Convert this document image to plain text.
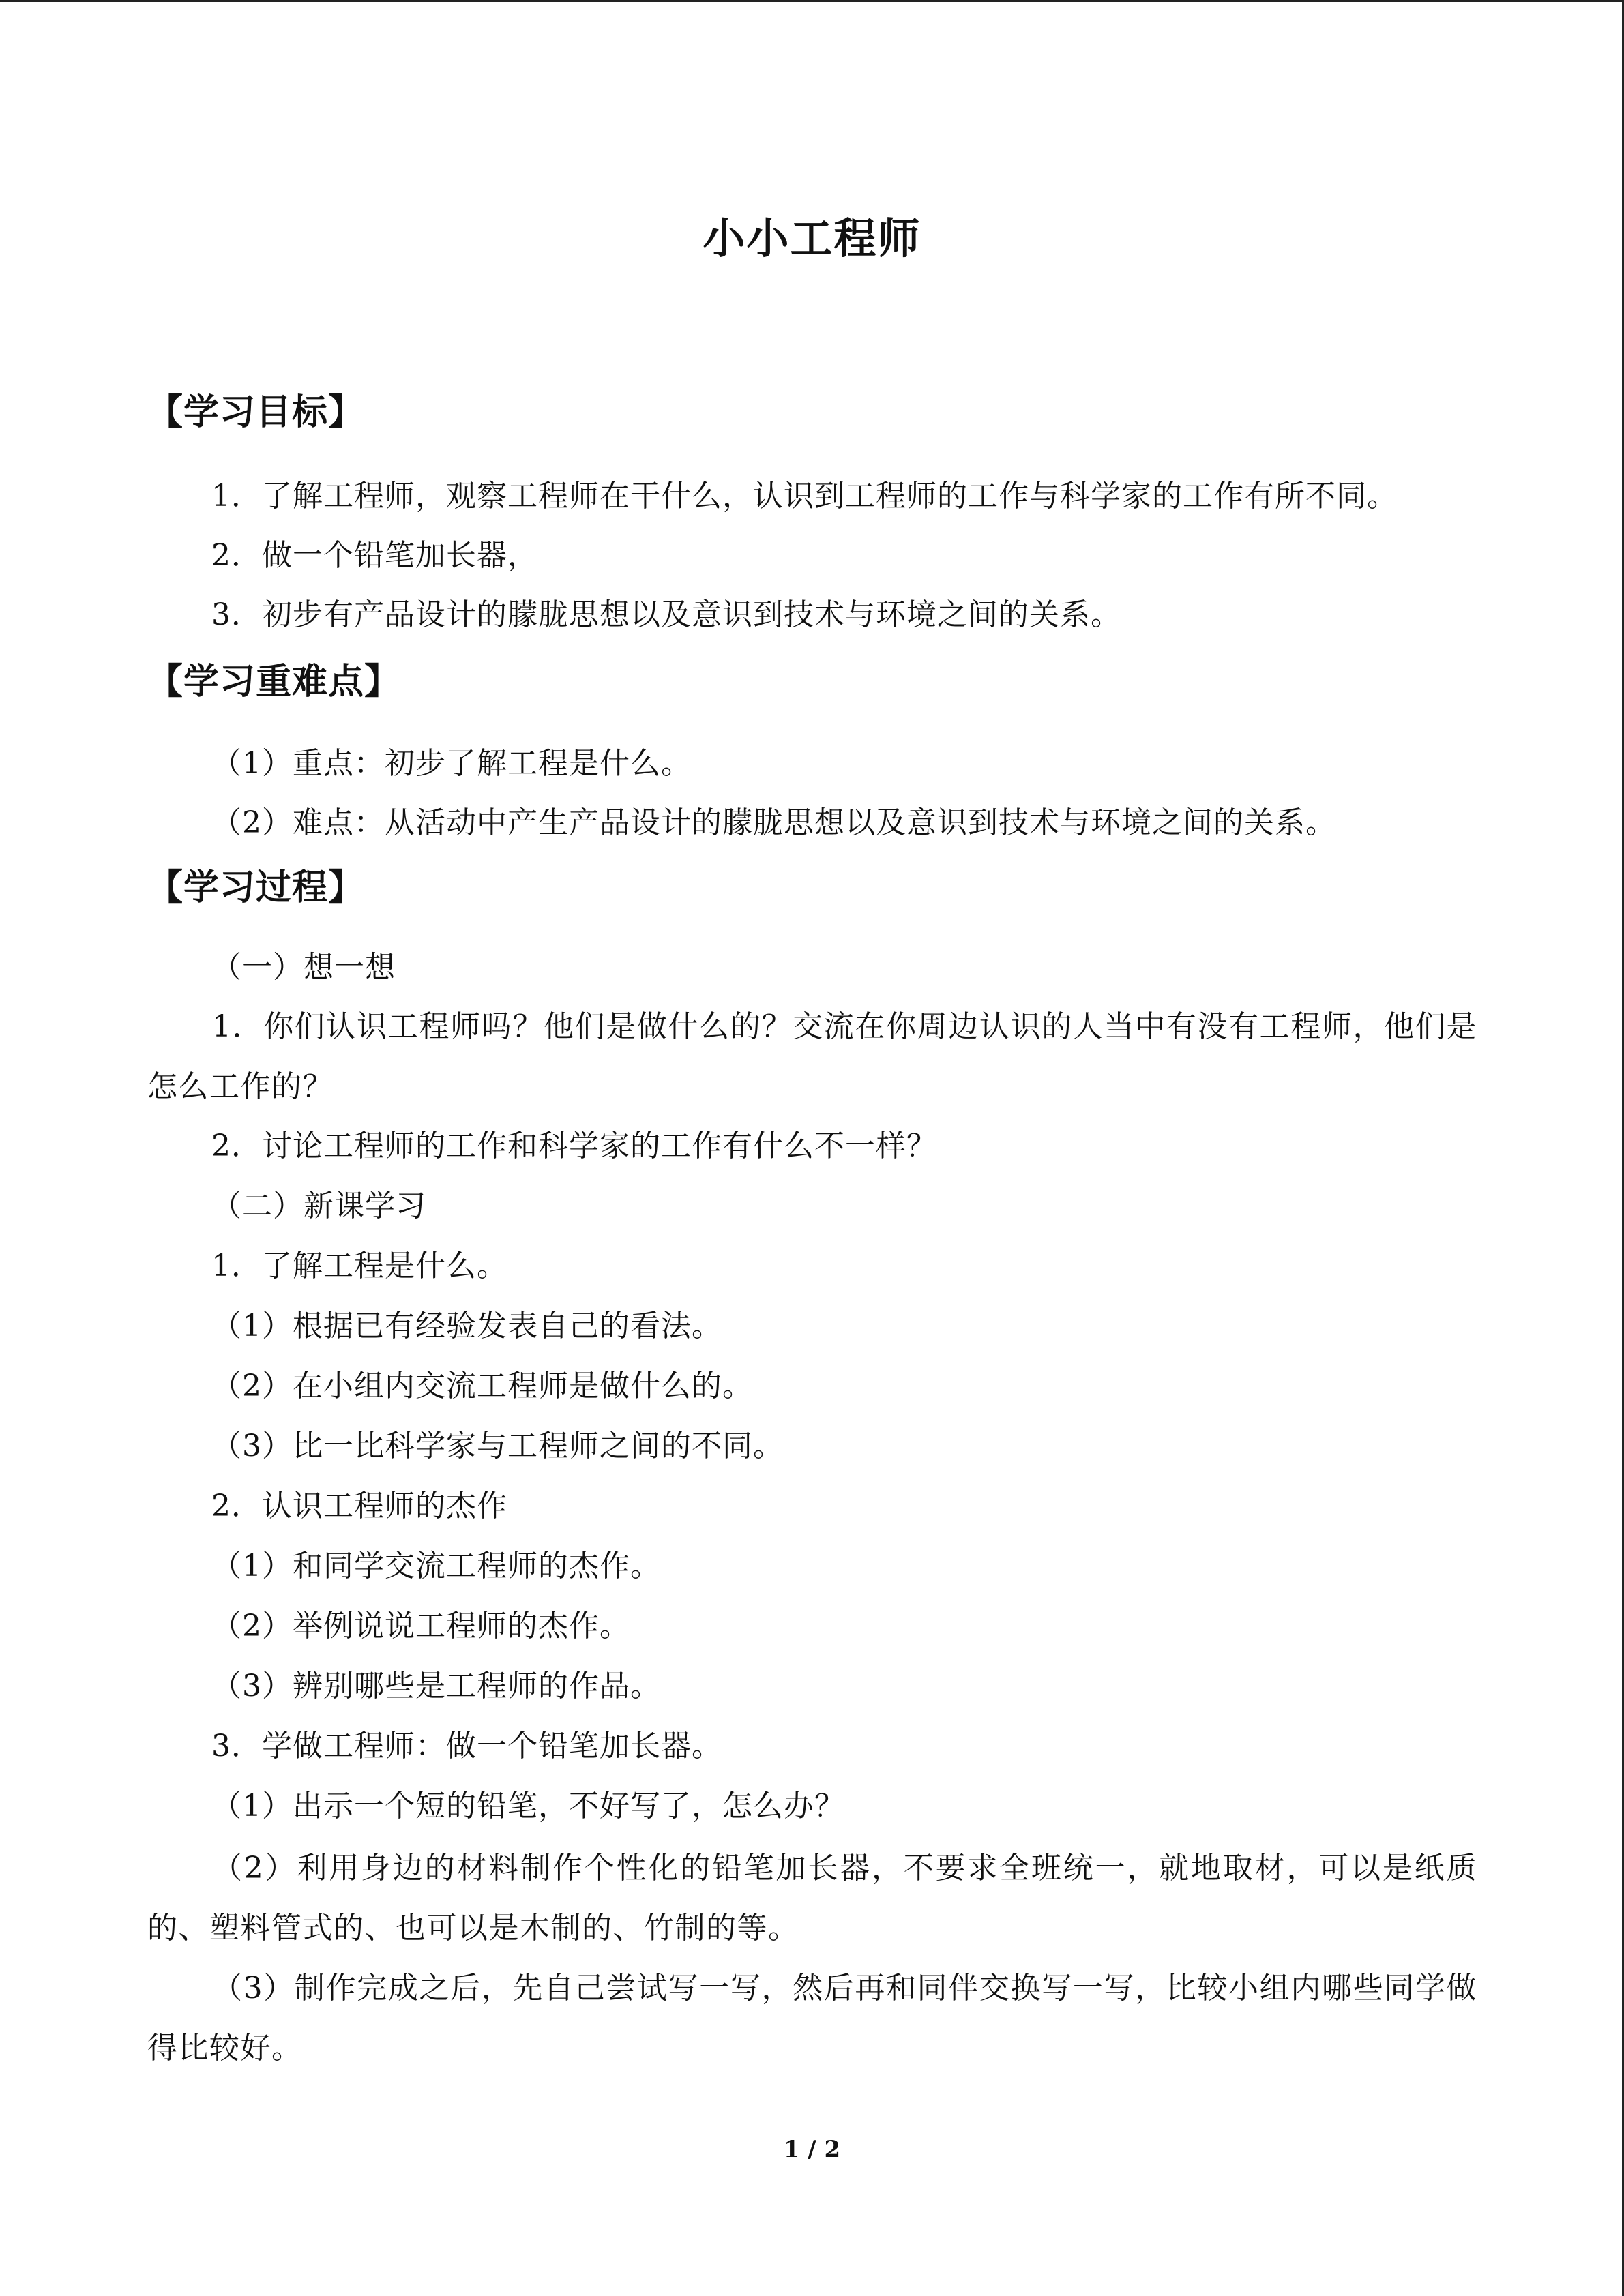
小小工程师
【学习目标】
1．了解工程师，观察工程师在干什么，认识到工程师的工作与科学家的工作有所不同。
2．做一个铅笔加长器，
3．初步有产品设计的朦胧思想以及意识到技术与环境之间的关系。
【学习重难点】
（1）重点：初步了解工程是什么。
（2）难点：从活动中产生产品设计的朦胧思想以及意识到技术与环境之间的关系。
【学习过程】
（一）想一想
1．你们认识工程师吗？他们是做什么的？交流在你周边认识的人当中有没有工程师，他们是怎么工作的？
2．讨论工程师的工作和科学家的工作有什么不一样？
（二）新课学习
1．了解工程是什么。
（1）根据已有经验发表自己的看法。
（2）在小组内交流工程师是做什么的。
（3）比一比科学家与工程师之间的不同。
2．认识工程师的杰作
（1）和同学交流工程师的杰作。
（2）举例说说工程师的杰作。
（3）辨别哪些是工程师的作品。
3．学做工程师：做一个铅笔加长器。
（1）出示一个短的铅笔，不好写了，怎么办？
（2）利用身边的材料制作个性化的铅笔加长器，不要求全班统一，就地取材，可以是纸质的、塑料管式的、也可以是木制的、竹制的等。
（3）制作完成之后，先自己尝试写一写，然后再和同伴交换写一写，比较小组内哪些同学做得比较好。
1 / 2
